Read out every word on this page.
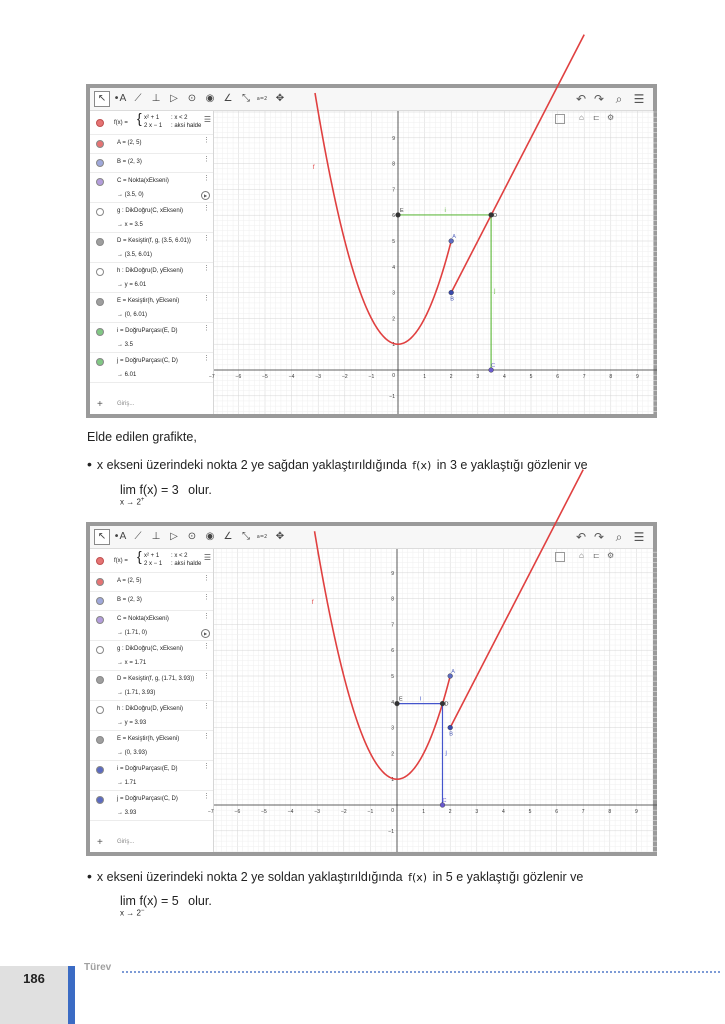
↖ •A ⟋	⊥ ▷ ⊙ ◉ ∠ ⤡	a=2 ✥	↶ ↷ ⌕ ☰
f(x) = { x² + 1 : x < 2
2 x − 1 : aksi halde
☰
A = (2, 5)	⋮
B = (2, 3)	⋮
C = Nokta(xEkseni)
→ (3.5, 0)
⋮
▶
g : DikDoğru(C, xEkseni)
→ x = 3.5
⋮
D = Kesiştir(f, g, (3.5, 6.01))
→ (3.5, 6.01)
⋮
h : DikDoğru(D, yEkseni)
→ y = 6.01
⋮
E = Kesiştir(h, yEkseni)
→ (0, 6.01)
⋮
i = DoğruParçası(E, D)
→ 3.5
⋮
j = DoğruParçası(C, D)
→ 6.01
⋮
+ Giriş...
−7	−6	−5	−4	−3	−2	−1	1	2	3	4	5	6	7	8	9
−1
1
2
3
4
5
6
7
8
9
0
f
i
j
A
B
C
D
E
⌂	⊏ ⚙
Elde edilen grafikte,
• x ekseni üzerindeki nokta 2 ye sağdan yaklaştırıldığında f(x) in 3 e yaklaştığı gözlenir ve
lim f(x) = 3 olur.
x → 2+
↖ •A ⟋	⊥ ▷ ⊙ ◉ ∠ ⤡	a=2 ✥	↶ ↷ ⌕ ☰
f(x) = { x² + 1 : x < 2
2 x − 1 : aksi halde
☰
A = (2, 5)	⋮
B = (2, 3)	⋮
C = Nokta(xEkseni)
→ (1.71, 0)
⋮
▶
g : DikDoğru(C, xEkseni)
→ x = 1.71
⋮
D = Kesiştir(f, g, (1.71, 3.93))
→ (1.71, 3.93)
⋮
h : DikDoğru(D, yEkseni)
→ y = 3.93
⋮
E = Kesiştir(h, yEkseni)
→ (0, 3.93)
⋮
i = DoğruParçası(E, D)
→ 1.71
⋮
j = DoğruParçası(C, D)
→ 3.93
⋮
+ Giriş...
−7	−6	−5	−4	−3	−2	−1	1	2	3	4	5	6	7	8	9
−1
1
2
3
4
5
6
7
8
9
0
f
i
j
A
B
C
D
E
⌂	⊏ ⚙
• x ekseni üzerindeki nokta 2 ye soldan yaklaştırıldığında f(x) in 5 e yaklaştığı gözlenir ve
lim f(x) = 5 olur.
x → 2−
186
Türev
